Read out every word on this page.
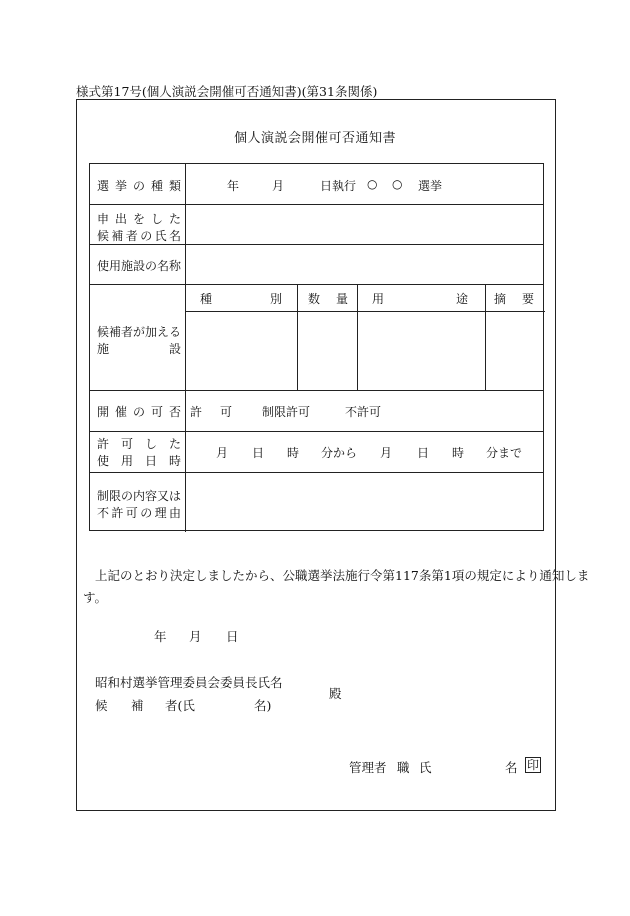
様式第17号(個人演説会開催可否通知書)(第31条関係)
個人演説会開催可否通知書
選挙の種類	年	月	日執行 ○ ○ 選挙
申出をした
候補者の氏名
使用施設の名称
候補者が加える
施設
種別 数量 用途 摘要
開催の可否 許可	制限許可	不許可
許可した
使用日時
月 日 時 分から 月 日 時 分まで
制限の内容又は
不許可の理由
上記のとおり決定しましたから、公職選挙法施行令第117条第1項の規定により通知しま
す。
年 月 日
昭和村選挙管理委員会委員長氏名
候 補 者(氏	名)
殿
管理者 職 氏	名 印
